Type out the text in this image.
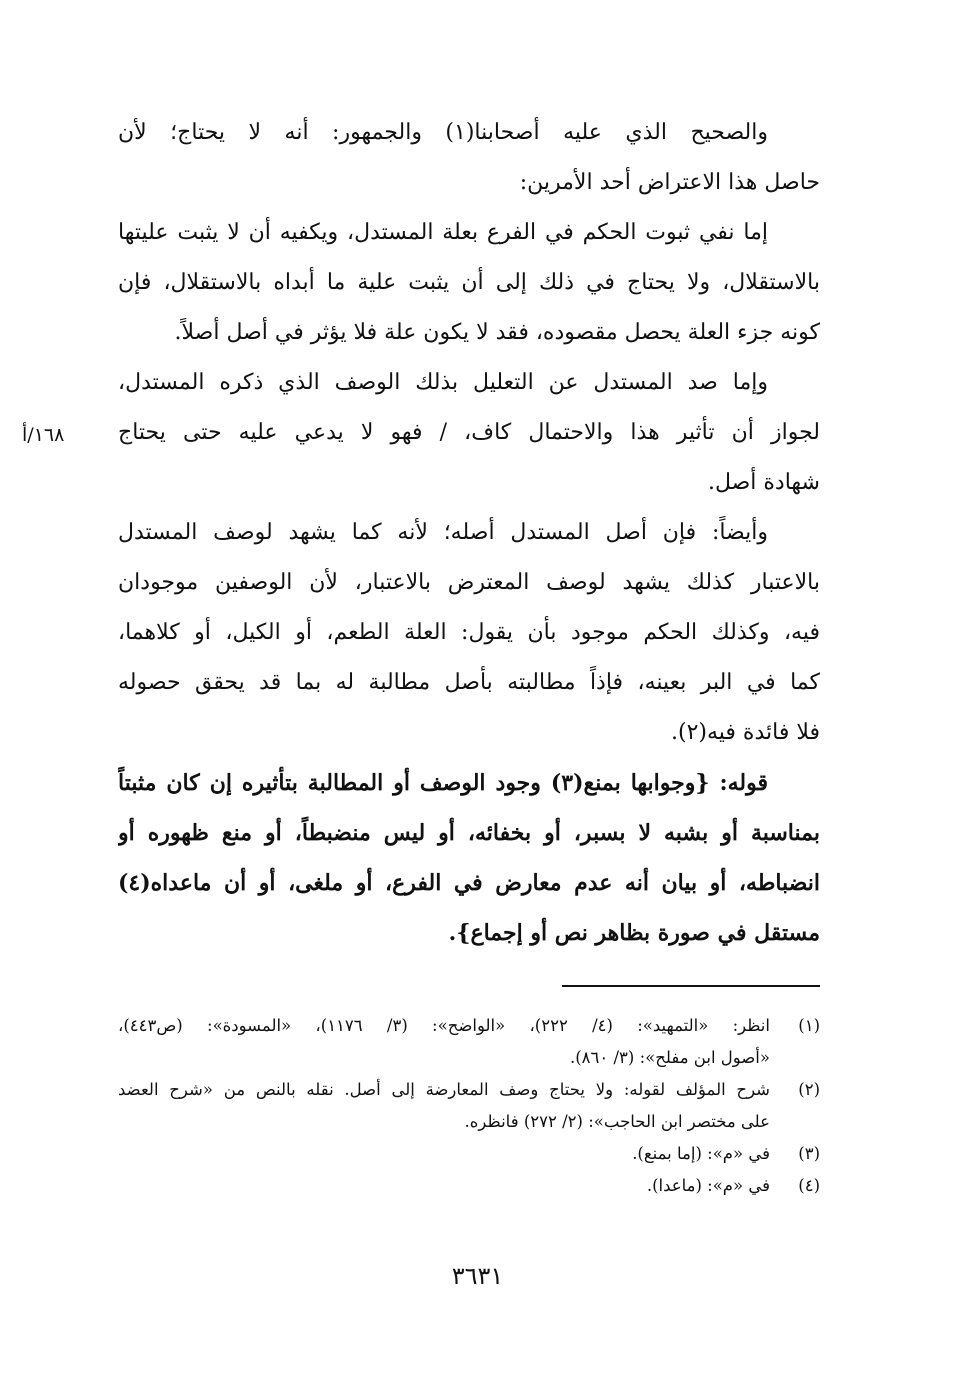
والصحيح الذي عليه أصحابنا(١) والجمهور: أنه لا يحتاج؛ لأن
حاصل هذا الاعتراض أحد الأمرين:
إما نفي ثبوت الحكم في الفرع بعلة المستدل، ويكفيه أن لا يثبت عليتها
بالاستقلال، ولا يحتاج في ذلك إلى أن يثبت علية ما أبداه بالاستقلال، فإن
كونه جزء العلة يحصل مقصوده، فقد لا يكون علة فلا يؤثر في أصل أصلاً.
وإما صد المستدل عن التعليل بذلك الوصف الذي ذكره المستدل،
لجواز أن تأثير هذا والاحتمال كاف، / فهو لا يدعي عليه حتى يحتاج
شهادة أصل.
وأيضاً: فإن أصل المستدل أصله؛ لأنه كما يشهد لوصف المستدل
بالاعتبار كذلك يشهد لوصف المعترض بالاعتبار، لأن الوصفين موجودان
فيه، وكذلك الحكم موجود بأن يقول: العلة الطعم، أو الكيل، أو كلاهما،
كما في البر بعينه، فإذاً مطالبته بأصل مطالبة له بما قد يحقق حصوله
فلا فائدة فيه(٢).
قوله: {وجوابها بمنع(٣) وجود الوصف أو المطالبة بتأثيره إن كان مثبتاً
بمناسبة أو بشبه لا بسبر، أو بخفائه، أو ليس منضبطاً، أو منع ظهوره أو
انضباطه، أو بيان أنه عدم معارض في الفرع، أو ملغى، أو أن ماعداه(٤)
مستقل في صورة بظاهر نص أو إجماع}.
١٦٨/أ
(١)
انظر: «التمهيد»: (٤/ ٢٢٢)، «الواضح»: (٣/ ١١٧٦)، «المسودة»: (ص٤٤٣)،
«أصول ابن مفلح»: (٣/ ٨٦٠).
(٢)
شرح المؤلف لقوله: ولا يحتاج وصف المعارضة إلى أصل. نقله بالنص من «شرح العضد
على مختصر ابن الحاجب»: (٢/ ٢٧٢) فانظره.
(٣)
في «م»: (إما بمنع).
(٤)
في «م»: (ماعدا).
٣٦٣١
